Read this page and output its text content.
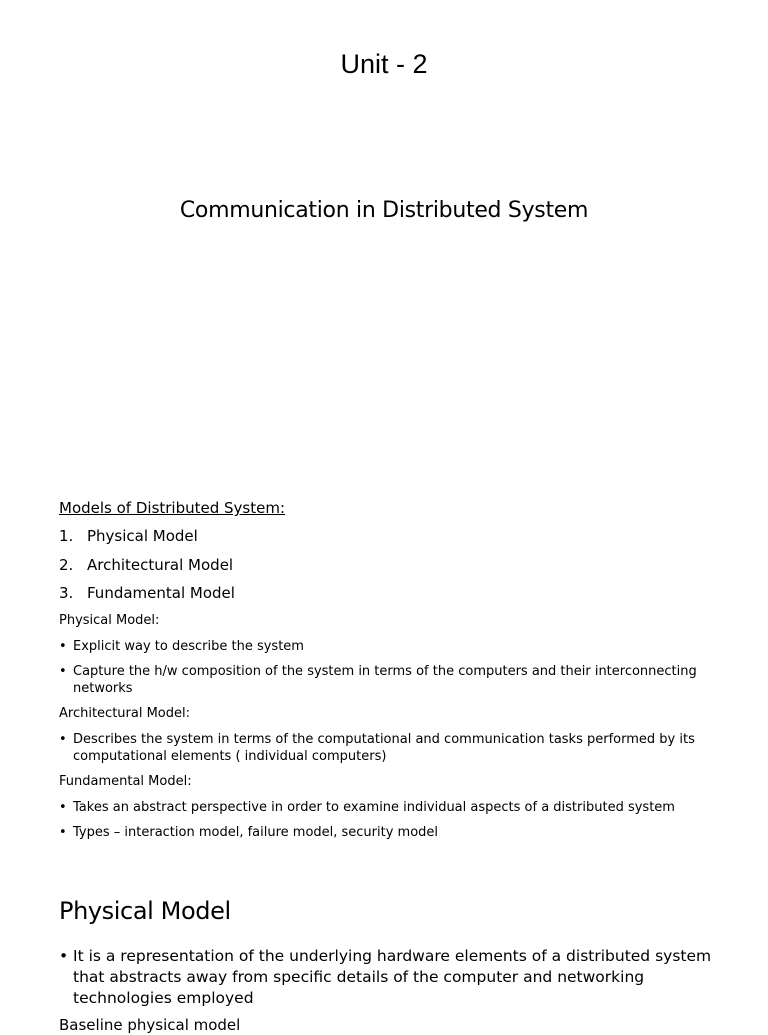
Unit - 2
Communication in Distributed System
Models of Distributed System:
1. Physical Model
2. Architectural Model
3. Fundamental Model
Physical Model:
• Explicit way to describe the system
• Capture the h/w composition of the system in terms of the computers and their interconnecting networks
Architectural Model:
• Describes the system in terms of the computational and communication tasks performed by its computational elements ( individual computers)
Fundamental Model:
• Takes an abstract perspective in order to examine individual aspects of a distributed system
• Types – interaction model, failure model, security model
Physical Model
• It is a representation of the underlying hardware elements of a distributed system that abstracts away from specific details of the computer and networking technologies employed
Baseline physical model
